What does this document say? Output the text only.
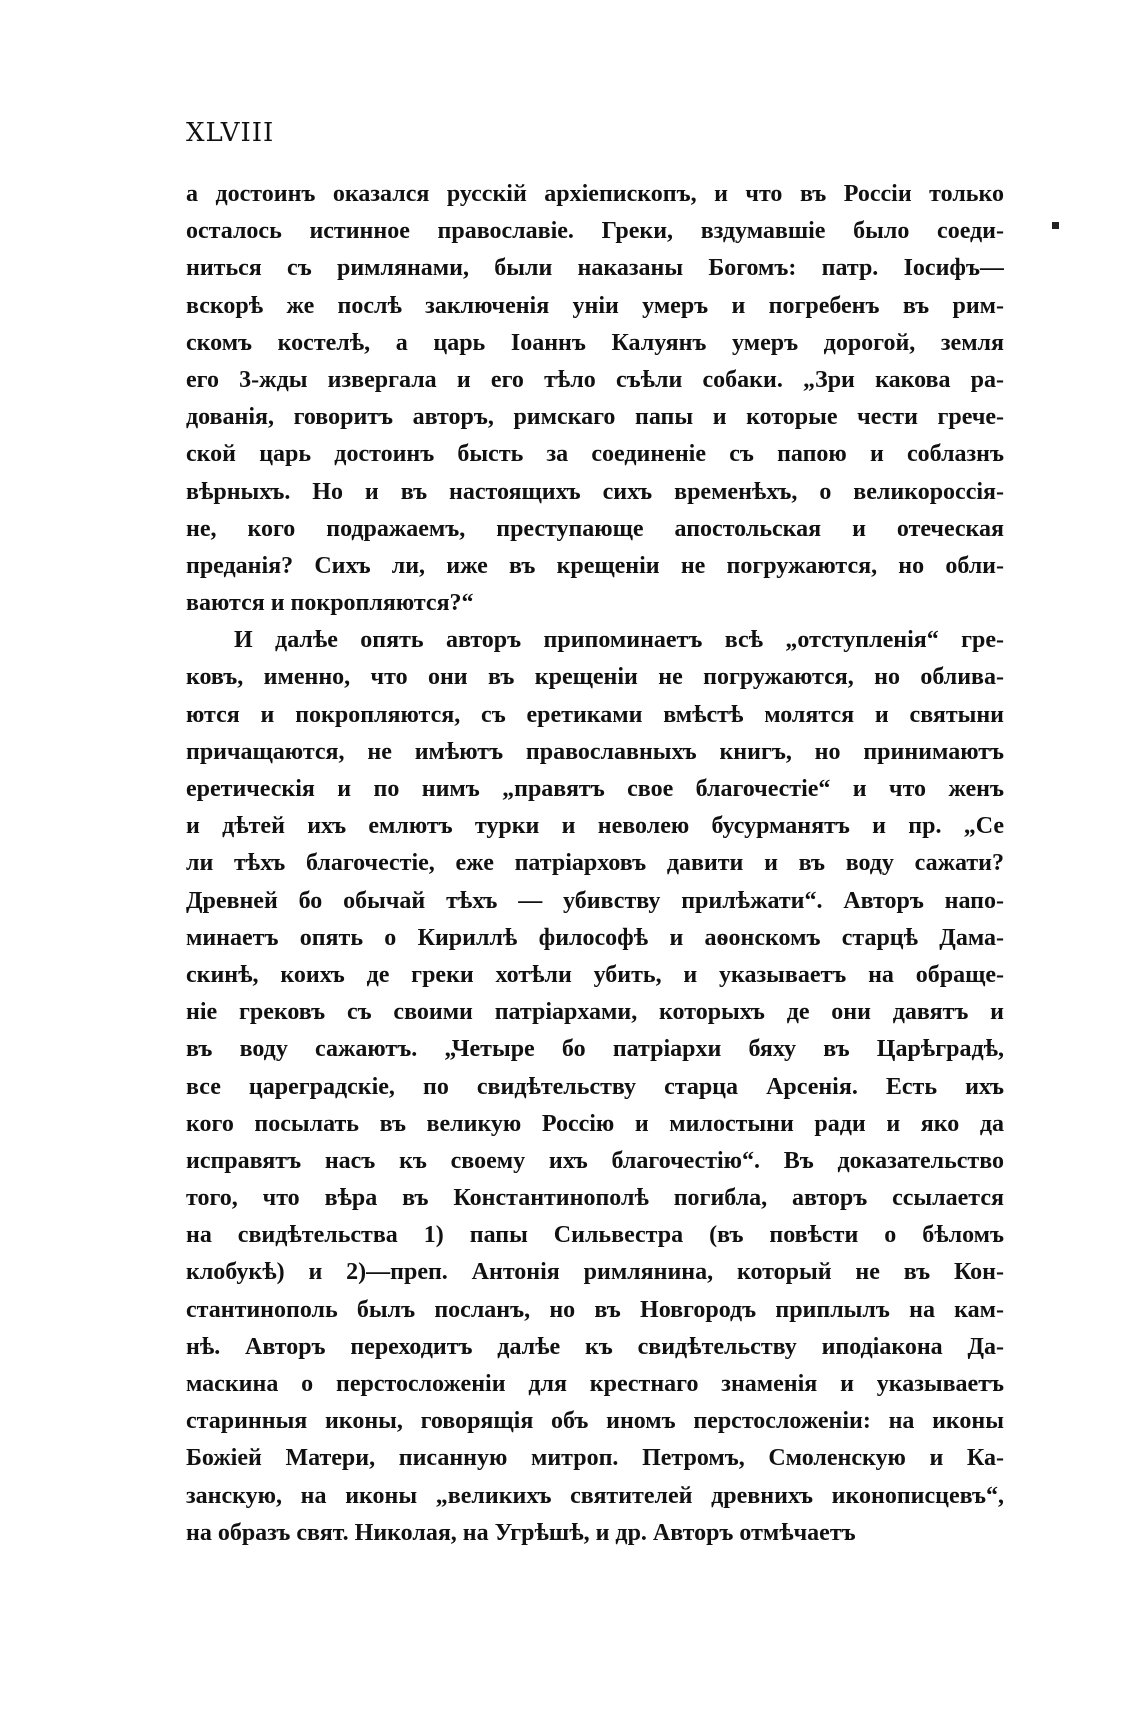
XLVIII
а достоинъ оказался русскій архіепископъ, и что въ Россіи только
осталось истинное православіе. Греки, вздумавшіе было соеди-
ниться съ римлянами, были наказаны Богомъ: патр. Іосифъ—
вскорѣ же послѣ заключенія уніи умеръ и погребенъ въ рим-
скомъ костелѣ, а царь Іоаннъ Калуянъ умеръ дорогой, земля
его 3-жды извергала и его тѣло съѣли собаки. „Зри какова ра-
дованія, говоритъ авторъ, римскаго папы и которые чести грече-
ской царь достоинъ бысть за соединеніе съ папою и соблазнъ
вѣрныхъ. Но и въ настоящихъ сихъ временѣхъ, о великороссія-
не, кого подражаемъ, преступающе апостольская и отеческая
преданія? Сихъ ли, иже въ крещеніи не погружаются, но обли-
ваются и покропляются?“
И далѣе опять авторъ припоминаетъ всѣ „отступленія“ гре-
ковъ, именно, что они въ крещеніи не погружаются, но облива-
ются и покропляются, съ еретиками вмѣстѣ молятся и святыни
причащаются, не имѣютъ православныхъ книгъ, но принимаютъ
еретическія и по нимъ „правятъ свое благочестіе“ и что женъ
и дѣтей ихъ емлютъ турки и неволею бусурманятъ и пр. „Се
ли тѣхъ благочестіе, еже патріарховъ давити и въ воду сажати?
Древней бо обычай тѣхъ — убивству прилѣжати“. Авторъ напо-
минаетъ опять о Кириллѣ философѣ и аѳонскомъ старцѣ Дама-
скинѣ, коихъ де греки хотѣли убить, и указываетъ на обраще-
ніе грековъ съ своими патріархами, которыхъ де они давятъ и
въ воду сажаютъ. „Четыре бо патріархи бяху въ Царѣградѣ,
все цареградскіе, по свидѣтельству старца Арсенія. Есть ихъ
кого посылать въ великую Россію и милостыни ради и яко да
исправятъ насъ къ своему ихъ благочестію“. Въ доказательство
того, что вѣра въ Константинополѣ погибла, авторъ ссылается
на свидѣтельства 1) папы Сильвестра (въ повѣсти о бѣломъ
клобукѣ) и 2)—преп. Антонія римлянина, который не въ Кон-
стантинополь былъ посланъ, но въ Новгородъ приплылъ на кам-
нѣ. Авторъ переходитъ далѣе къ свидѣтельству иподіакона Да-
маскина о перстосложеніи для крестнаго знаменія и указываетъ
старинныя иконы, говорящія объ иномъ перстосложеніи: на иконы
Божіей Матери, писанную митроп. Петромъ, Смоленскую и Ка-
занскую, на иконы „великихъ святителей древнихъ иконописцевъ“,
на образъ свят. Николая, на Угрѣшѣ, и др. Авторъ отмѣчаетъ
